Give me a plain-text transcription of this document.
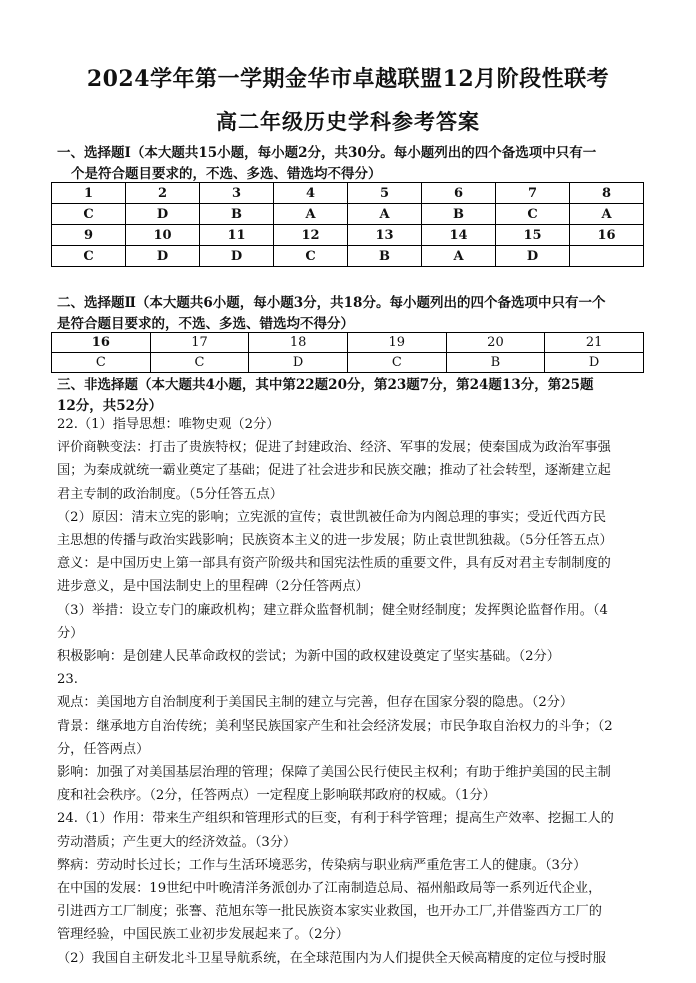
2024学年第一学期金华市卓越联盟12月阶段性联考
高二年级历史学科参考答案
一、选择题Ⅰ（本大题共15小题，每小题2分，共30分。每小题列出的四个备选项中只有一
个是符合题目要求的，不选、多选、错选均不得分）
1	2	3	4	5	6	7	8
C	D	B	A	A	B	C	A
9	10	11	12	13	14	15	16
C	D	D	C	B	A	D	
二、选择题Ⅱ（本大题共6小题，每小题3分，共18分。每小题列出的四个备选项中只有一个
是符合题目要求的，不选、多选、错选均不得分）
16	17	18	19	20	21
C	C	D	C	B	D
三、非选择题（本大题共4小题，其中第22题20分，第23题7分，第24题13分，第25题
12分，共52分）

22.（1）指导思想：唯物史观（2分）

评价商鞅变法：打击了贵族特权；促进了封建政治、经济、军事的发展；使秦国成为政治军事强

国；为秦成就统一霸业奠定了基础；促进了社会进步和民族交融；推动了社会转型，逐渐建立起

君主专制的政治制度。（5分任答五点）

（2）原因：清末立宪的影响；立宪派的宣传；袁世凯被任命为内阁总理的事实；受近代西方民

主思想的传播与政治实践影响；民族资本主义的进一步发展；防止袁世凯独裁。（5分任答五点）

意义：是中国历史上第一部具有资产阶级共和国宪法性质的重要文件，具有反对君主专制制度的

进步意义，是中国法制史上的里程碑（2分任答两点）

（3）举措：设立专门的廉政机构；建立群众监督机制；健全财经制度；发挥舆论监督作用。（4

分）

积极影响：是创建人民革命政权的尝试；为新中国的政权建设奠定了坚实基础。（2分）

23.

观点：美国地方自治制度利于美国民主制的建立与完善，但存在国家分裂的隐患。（2分）

背景：继承地方自治传统；美利坚民族国家产生和社会经济发展；市民争取自治权力的斗争；（2

分，任答两点）

影响：加强了对美国基层治理的管理；保障了美国公民行使民主权利；有助于维护美国的民主制

度和社会秩序。（2分，任答两点）一定程度上影响联邦政府的权威。（1分）

24.（1）作用：带来生产组织和管理形式的巨变，有利于科学管理；提高生产效率、挖掘工人的

劳动潜质；产生更大的经济效益。（3分）

弊病：劳动时长过长；工作与生活环境恶劣，传染病与职业病严重危害工人的健康。（3分）

在中国的发展：19世纪中叶晚清洋务派创办了江南制造总局、福州船政局等一系列近代企业，

引进西方工厂制度；张謇、范旭东等一批民族资本家实业救国，也开办工厂,并借鉴西方工厂的

管理经验，中国民族工业初步发展起来了。（2分）

（2）我国自主研发北斗卫星导航系统，在全球范围内为人们提供全天候高精度的定位与授时服
